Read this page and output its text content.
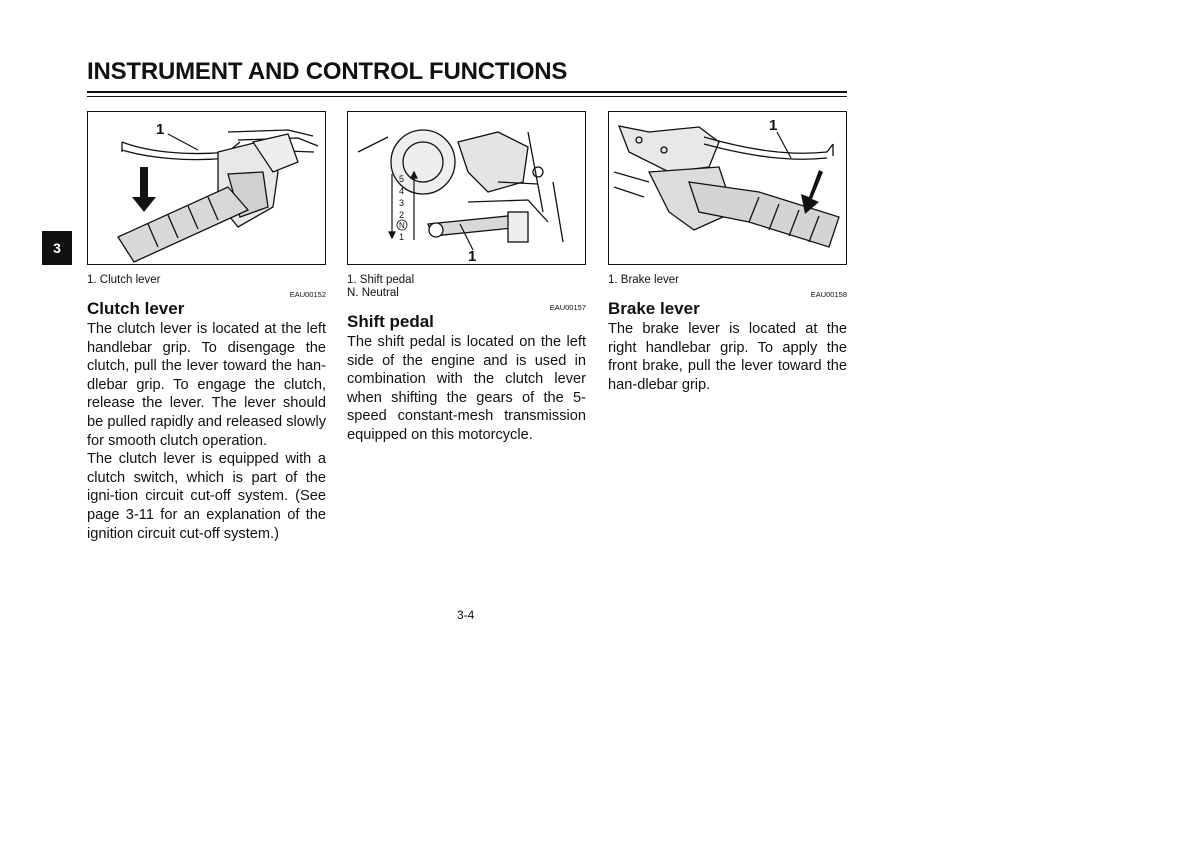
INSTRUMENT AND CONTROL FUNCTIONS
3
1
1. Clutch lever
EAU00152
Clutch lever

The clutch lever is located at the left handlebar grip. To disengage the clutch, pull the lever toward the han-dlebar grip. To engage the clutch, release the lever. The lever should be pulled rapidly and released slowly for smooth clutch operation.

The clutch lever is equipped with a clutch switch, which is part of the igni-tion circuit cut-off system. (See page 3-11 for an explanation of the ignition circuit cut-off system.)

5
4
3
2
N
1
1
1. Shift pedal
N. Neutral
EAU00157
Shift pedal

The shift pedal is located on the left side of the engine and is used in combination with the clutch lever when shifting the gears of the 5-speed constant-mesh transmission equipped on this motorcycle.

1
1. Brake lever
EAU00158
Brake lever

The brake lever is located at the right handlebar grip. To apply the front brake, pull the lever toward the han-dlebar grip.

3-4
